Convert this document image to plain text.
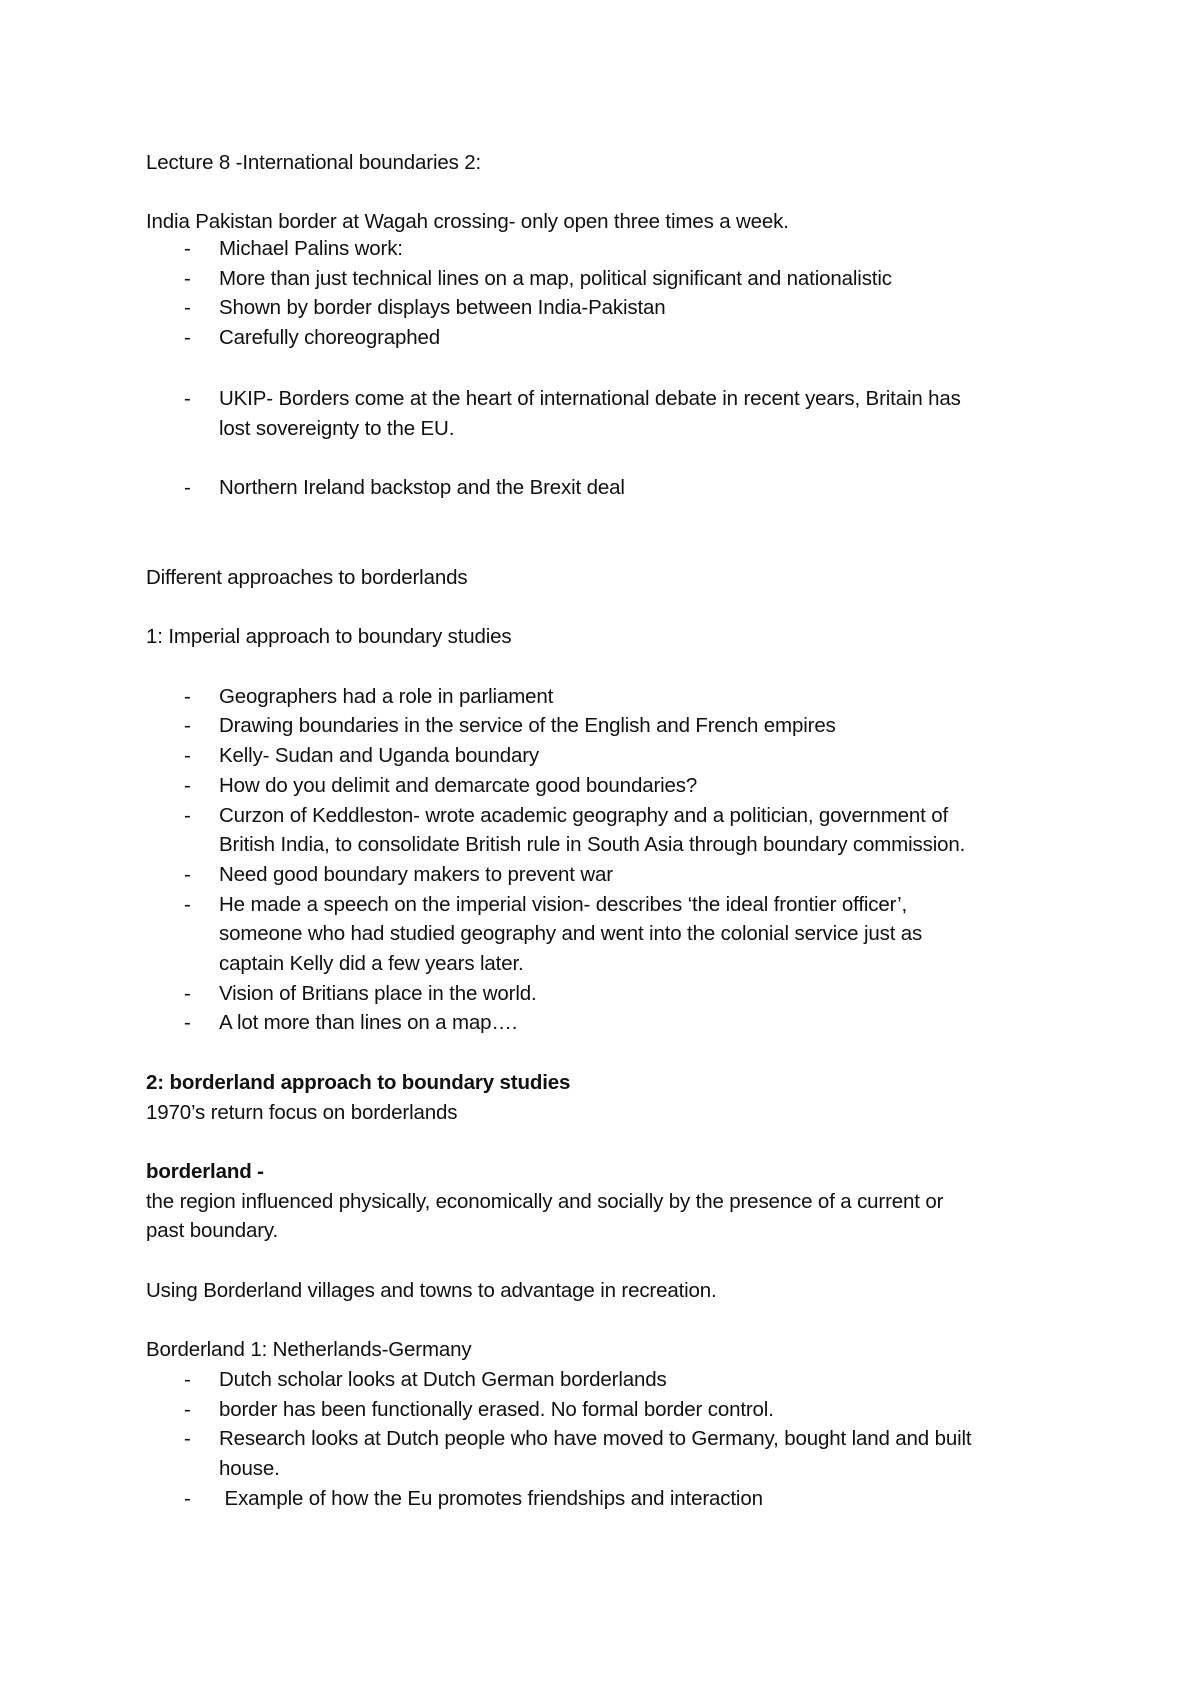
Lecture 8 -International boundaries 2:
India Pakistan border at Wagah crossing- only open three times a week.
- Michael Palins work:
- More than just technical lines on a map, political significant and nationalistic
- Shown by border displays between India-Pakistan
- Carefully choreographed
- UKIP- Borders come at the heart of international debate in recent years, Britain has
lost sovereignty to the EU.
- Northern Ireland backstop and the Brexit deal
Different approaches to borderlands
1: Imperial approach to boundary studies
- Geographers had a role in parliament
- Drawing boundaries in the service of the English and French empires
- Kelly- Sudan and Uganda boundary
- How do you delimit and demarcate good boundaries?
- Curzon of Keddleston- wrote academic geography and a politician, government of
British India, to consolidate British rule in South Asia through boundary commission.
- Need good boundary makers to prevent war
- He made a speech on the imperial vision- describes ‘the ideal frontier officer’,
someone who had studied geography and went into the colonial service just as
captain Kelly did a few years later.
- Vision of Britians place in the world.
- A lot more than lines on a map….
2: borderland approach to boundary studies
1970’s return focus on borderlands
borderland -
the region influenced physically, economically and socially by the presence of a current or
past boundary.
Using Borderland villages and towns to advantage in recreation.
Borderland 1: Netherlands-Germany
- Dutch scholar looks at Dutch German borderlands
- border has been functionally erased. No formal border control.
- Research looks at Dutch people who have moved to Germany, bought land and built
house.
- Example of how the Eu promotes friendships and interaction
